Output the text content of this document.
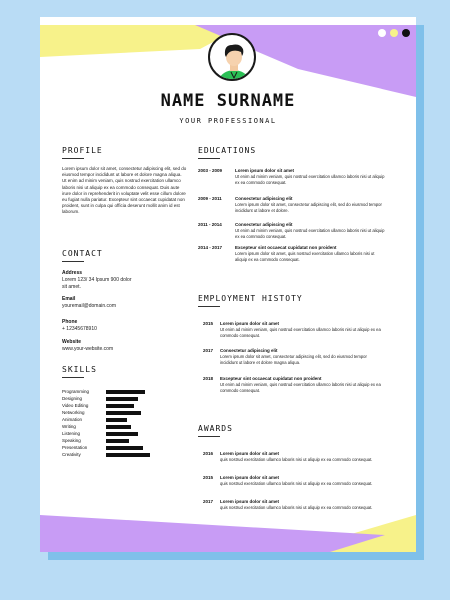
NAME SURNAME
YOUR PROFESSIONAL
PROFILE
Lorem ipsum dolor sit amet, consectetur adipiscing elit, sed do eiusmod tempor incididunt ut labore et dolore magna aliqua. Ut enim ad minim veniam, quis nostrud exercitation ullamco laboris nisi ut aliquip ex ea commodo consequat. Duis aute irure dolor in reprehenderit in voluptate velit esse cillum dolore eu fugiat nulla pariatur. Excepteur sint occaecat cupidatat non proident, sunt in culpa qui officia deserunt mollit anim id est laborum.
CONTACT
Address
Lorem 123/ 34 Ipsum 900 dolor
sit amet.
Email
youremail@domain.com
Phone
+ 12345678910
Website
www.your-website.com
SKILLS
Programming
Designing
Video Editing
Networking
Animation
Writing
Listening
Speaking
Presentation
Creativity
EDUCATIONS
2003 - 2009	Lorem ipsum dolor sit amet
Ut enim ad minim veniam, quis nostrud exercitation ullamco laboris nisi ut aliquip ex ea commodo consequat.
2009 - 2011	Consectetur adipiscing elit
Lorem ipsum dolor sit amet, consectetur adipiscing elit, sed do eiusmod tempor incididunt ut labore et dolore.
2011 - 2014	Consectetur adipiscing elit
Ut enim ad minim veniam, quis nostrud exercitation ullamco laboris nisi ut aliquip ex ea commodo consequat.
2014 - 2017	Excepteur sint occaecat cupidatat non proident
Lorem ipsum dolor sit amet, quis nostrud exercitation ullamco laboris nisi ut aliquip ex ea commodo consequat.
EMPLOYMENT HISTOTY
2015 Lorem ipsum dolor sit amet
Ut enim ad minim veniam, quis nostrud exercitation ullamco laboris nisi ut aliquip ex ea commodo consequat.
2017 Consectetur adipiscing elit
Lorem ipsum dolor sit amet, consectetur adipiscing elit, sed do eiusmod tempor incididunt ut labore et dolore magna aliqua.
2018 Excepteur sint occaecat cupidatat non proident
Ut enim ad minim veniam, quis nostrud exercitation ullamco laboris nisi ut aliquip ex ea commodo consequat.
AWARDS
2016 Lorem ipsum dolor sit amet
quis nostrud exercitation ullamco laboris nisi ut aliquip ex ea commodo consequat.
2015 Lorem ipsum dolor sit amet
quis nostrud exercitation ullamco laboris nisi ut aliquip ex ea commodo consequat.
2017 Lorem ipsum dolor sit amet
quis nostrud exercitation ullamco laboris nisi ut aliquip ex ea commodo consequat.
